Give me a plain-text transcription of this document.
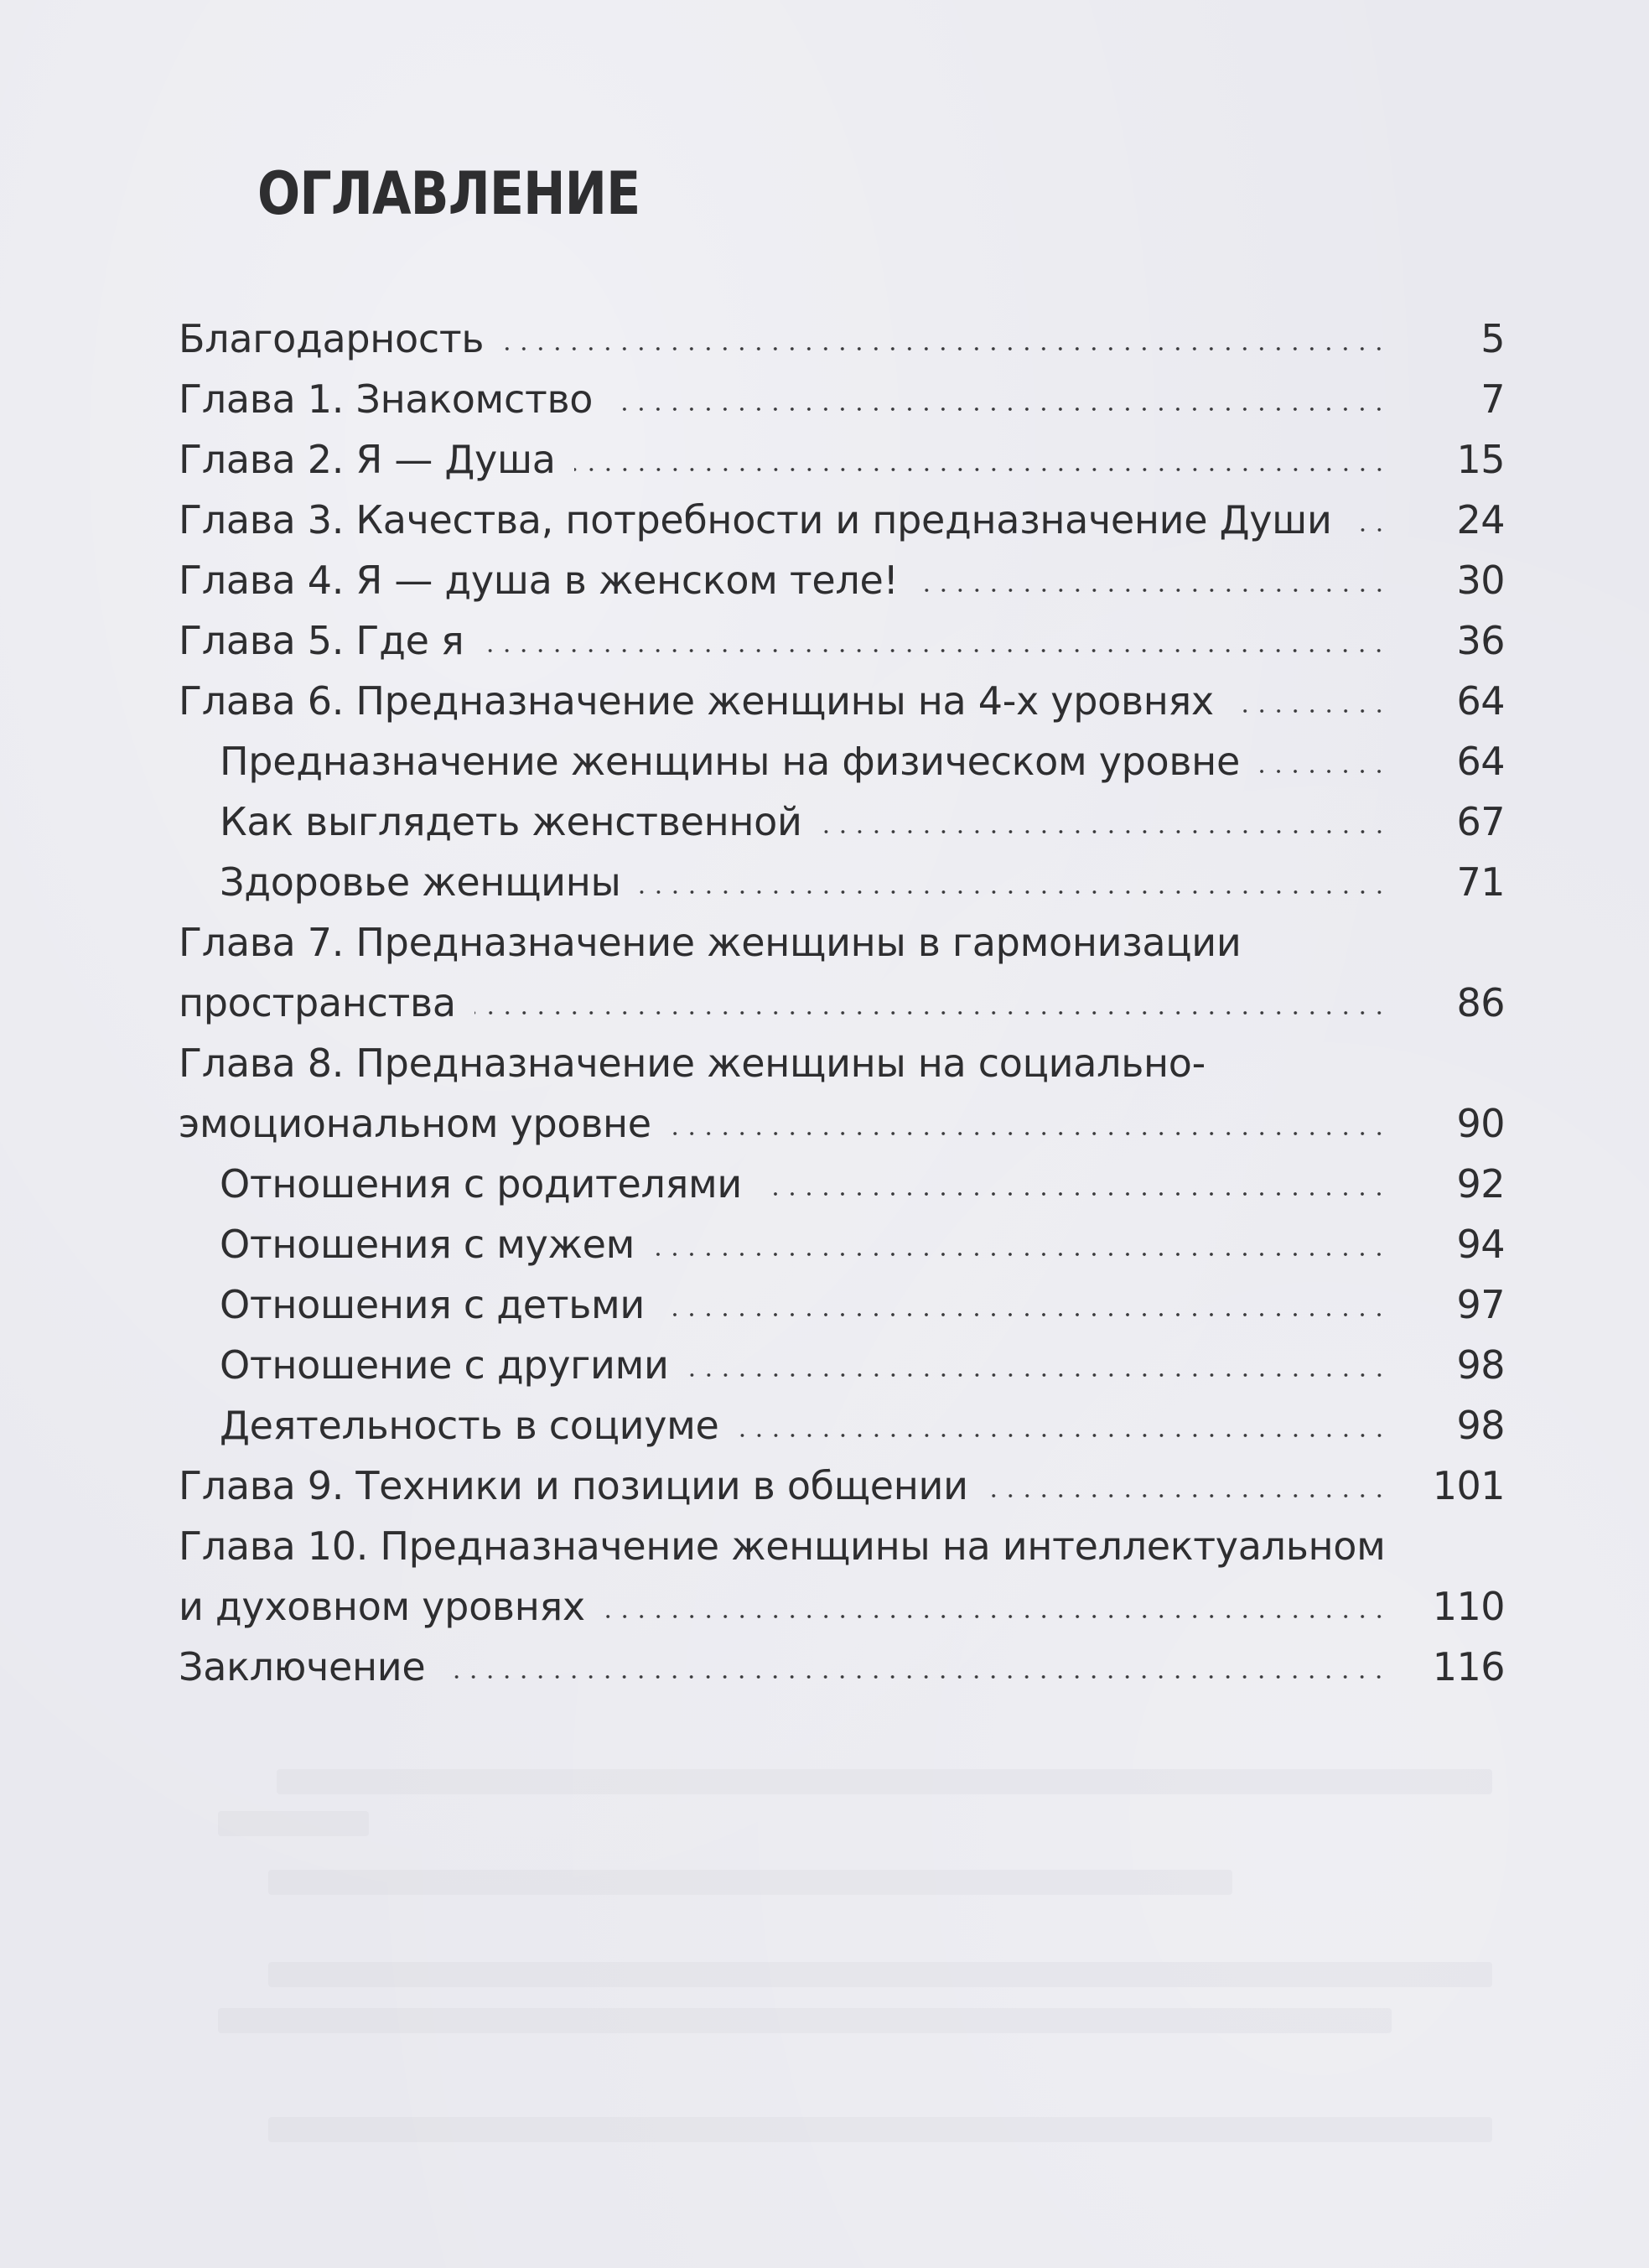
ОГЛАВЛЕНИЕ
Благодарность	5
Глава 1. Знакомство	7
Глава 2. Я — Душа	15
Глава 3. Качества, потребности и предназначение Души	24
Глава 4. Я — душа в женском теле!	30
Глава 5. Где я	36
Глава 6. Предназначение женщины на 4-х уровнях	64
Предназначение женщины на физическом уровне	64
Как выглядеть женственной	67
Здоровье женщины	71
Глава 7. Предназначение женщины в гармонизации
пространства	86
Глава 8. Предназначение женщины на социально-
эмоциональном уровне	90
Отношения с родителями	92
Отношения с мужем	94
Отношения с детьми	97
Отношение с другими	98
Деятельность в социуме	98
Глава 9. Техники и позиции в общении	101
Глава 10. Предназначение женщины на интеллектуальном
и духовном уровнях	110
Заключение	116
